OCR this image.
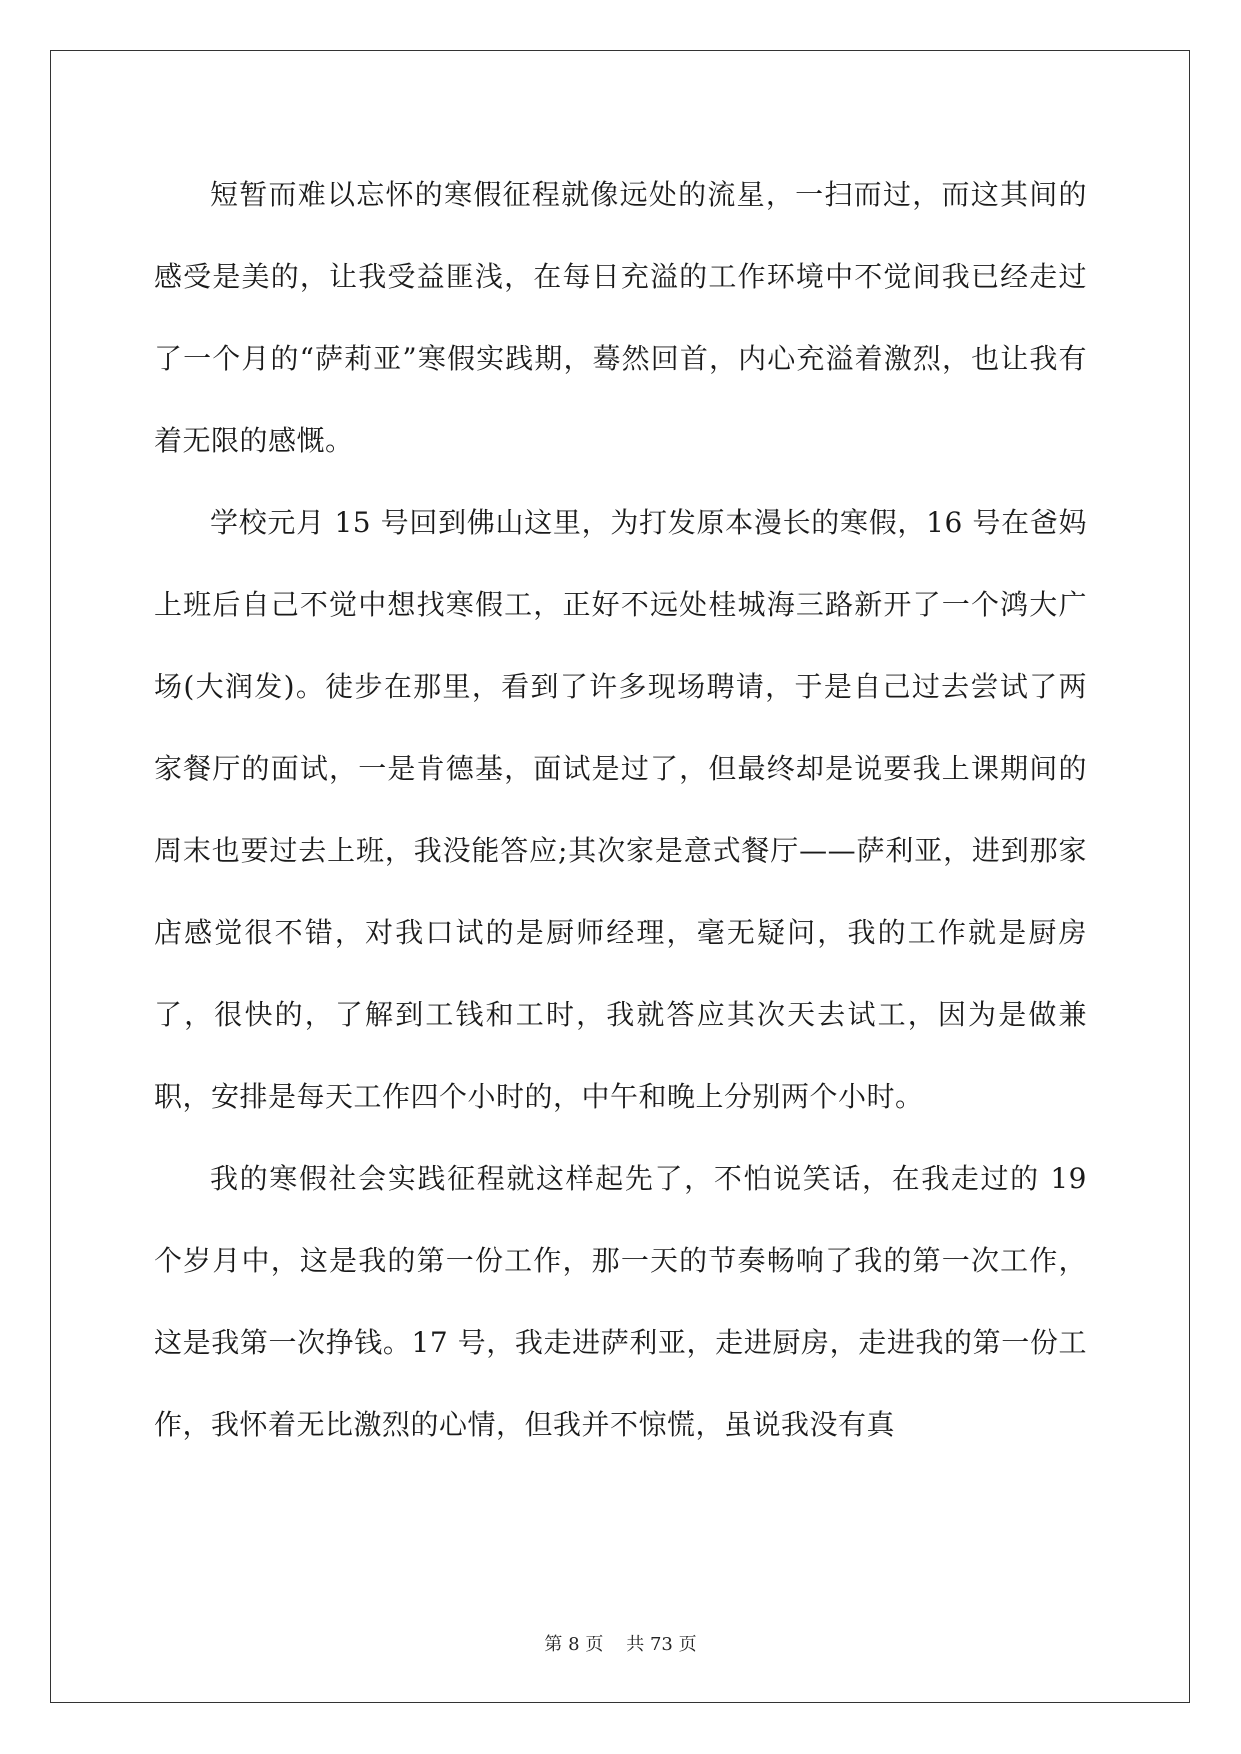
短暂而难以忘怀的寒假征程就像远处的流星，一扫而过，而这其间的感受是美的，让我受益匪浅，在每日充溢的工作环境中不觉间我已经走过了一个月的“萨莉亚”寒假实践期，蓦然回首，内心充溢着激烈，也让我有着无限的感慨。

学校元月 15 号回到佛山这里，为打发原本漫长的寒假，16 号在爸妈上班后自己不觉中想找寒假工，正好不远处桂城海三路新开了一个鸿大广场(大润发)。徒步在那里，看到了许多现场聘请，于是自己过去尝试了两家餐厅的面试，一是肯德基，面试是过了，但最终却是说要我上课期间的周末也要过去上班，我没能答应;其次家是意式餐厅——萨利亚，进到那家店感觉很不错，对我口试的是厨师经理，毫无疑问，我的工作就是厨房了，很快的，了解到工钱和工时，我就答应其次天去试工，因为是做兼职，安排是每天工作四个小时的，中午和晚上分别两个小时。

我的寒假社会实践征程就这样起先了，不怕说笑话，在我走过的 19 个岁月中，这是我的第一份工作，那一天的节奏畅响了我的第一次工作，这是我第一次挣钱。17 号，我走进萨利亚，走进厨房，走进我的第一份工作，我怀着无比激烈的心情，但我并不惊慌，虽说我没有真

第 8 页 共 73 页
